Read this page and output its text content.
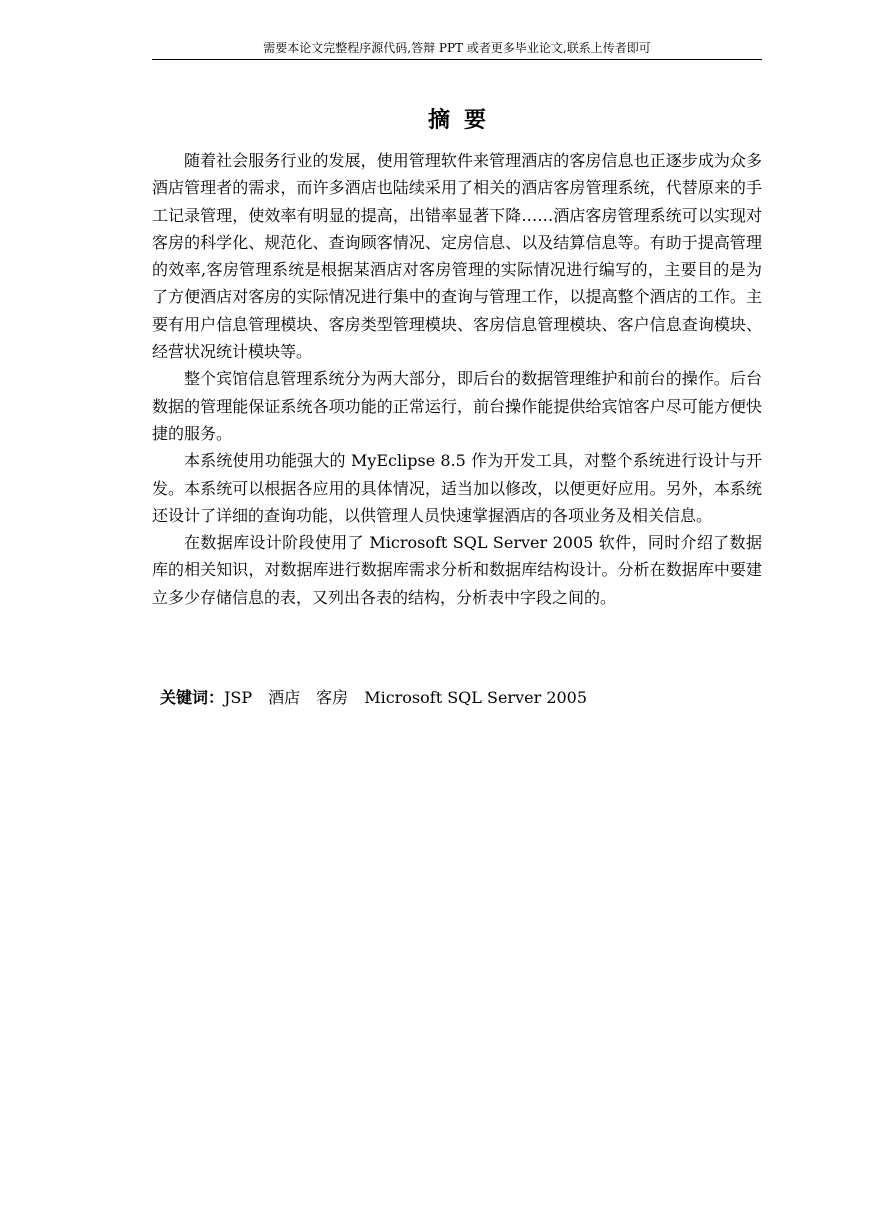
需要本论文完整程序源代码,答辩 PPT 或者更多毕业论文,联系上传者即可
摘要

随着社会服务行业的发展，使用管理软件来管理酒店的客房信息也正逐步成为众多酒店管理者的需求，而许多酒店也陆续采用了相关的酒店客房管理系统，代替原来的手工记录管理，使效率有明显的提高，出错率显著下降……酒店客房管理系统可以实现对客房的科学化、规范化、查询顾客情况、定房信息、以及结算信息等。有助于提高管理的效率,客房管理系统是根据某酒店对客房管理的实际情况进行编写的，主要目的是为了方便酒店对客房的实际情况进行集中的查询与管理工作，以提高整个酒店的工作。主要有用户信息管理模块、客房类型管理模块、客房信息管理模块、客户信息查询模块、经营状况统计模块等。

整个宾馆信息管理系统分为两大部分，即后台的数据管理维护和前台的操作。后台数据的管理能保证系统各项功能的正常运行，前台操作能提供给宾馆客户尽可能方便快捷的服务。

本系统使用功能强大的 MyEclipse 8.5 作为开发工具，对整个系统进行设计与开发。本系统可以根据各应用的具体情况，适当加以修改，以便更好应用。另外，本系统还设计了详细的查询功能，以供管理人员快速掌握酒店的各项业务及相关信息。

在数据库设计阶段使用了 Microsoft SQL Server 2005 软件，同时介绍了数据库的相关知识，对数据库进行数据库需求分析和数据库结构设计。分析在数据库中要建立多少存储信息的表，又列出各表的结构，分析表中字段之间的。

关键词：JSP 酒店 客房 Microsoft SQL Server 2005
